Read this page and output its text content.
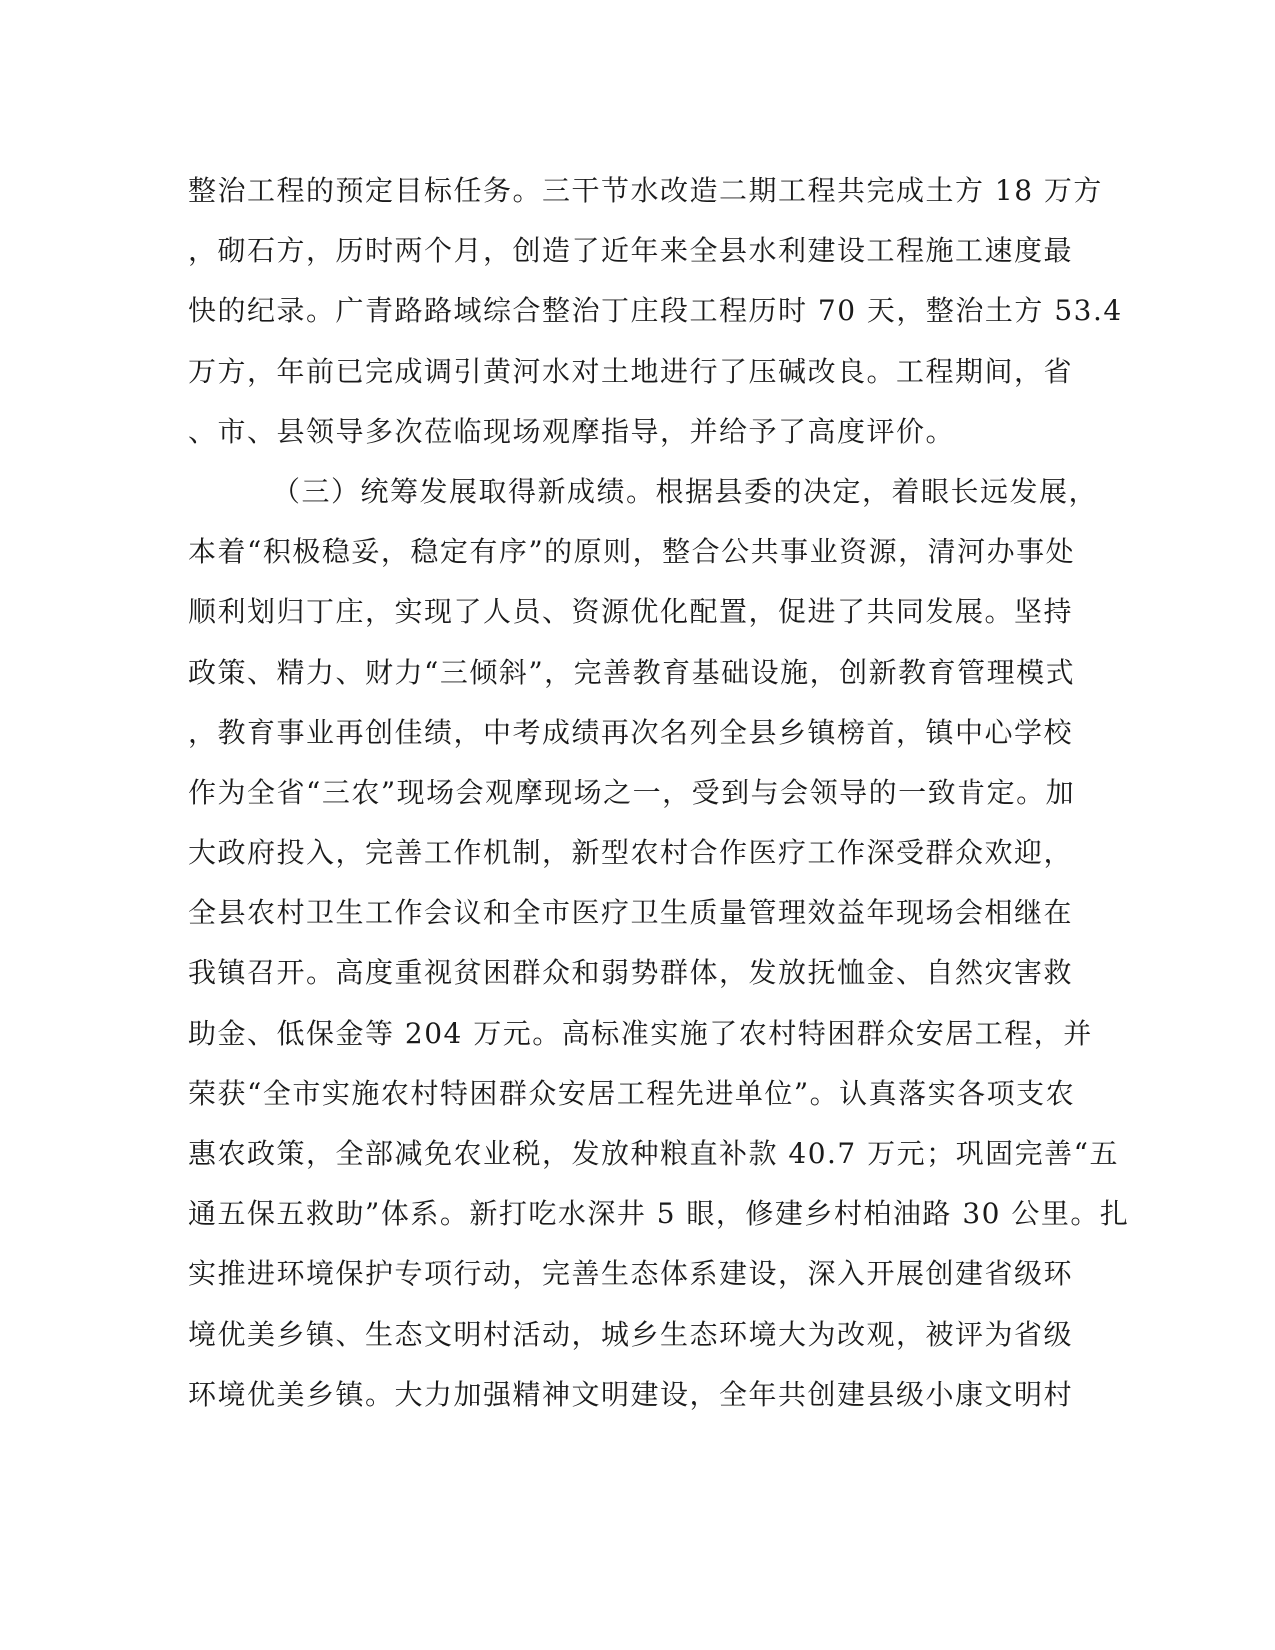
整治工程的预定目标任务。三干节水改造二期工程共完成土方 18 万方
，砌石方，历时两个月，创造了近年来全县水利建设工程施工速度最
快的纪录。广青路路域综合整治丁庄段工程历时 70 天，整治土方 53.4
万方，年前已完成调引黄河水对土地进行了压碱改良。工程期间，省
、市、县领导多次莅临现场观摩指导，并给予了高度评价。
（三）统筹发展取得新成绩。根据县委的决定，着眼长远发展，
本着“积极稳妥，稳定有序”的原则，整合公共事业资源，清河办事处
顺利划归丁庄，实现了人员、资源优化配置，促进了共同发展。坚持
政策、精力、财力“三倾斜”，完善教育基础设施，创新教育管理模式
，教育事业再创佳绩，中考成绩再次名列全县乡镇榜首，镇中心学校
作为全省“三农”现场会观摩现场之一，受到与会领导的一致肯定。加
大政府投入，完善工作机制，新型农村合作医疗工作深受群众欢迎，
全县农村卫生工作会议和全市医疗卫生质量管理效益年现场会相继在
我镇召开。高度重视贫困群众和弱势群体，发放抚恤金、自然灾害救
助金、低保金等 204 万元。高标准实施了农村特困群众安居工程，并
荣获“全市实施农村特困群众安居工程先进单位”。认真落实各项支农
惠农政策，全部减免农业税，发放种粮直补款 40.7 万元；巩固完善“五
通五保五救助”体系。新打吃水深井 5 眼，修建乡村柏油路 30 公里。扎
实推进环境保护专项行动，完善生态体系建设，深入开展创建省级环
境优美乡镇、生态文明村活动，城乡生态环境大为改观，被评为省级
环境优美乡镇。大力加强精神文明建设，全年共创建县级小康文明村
